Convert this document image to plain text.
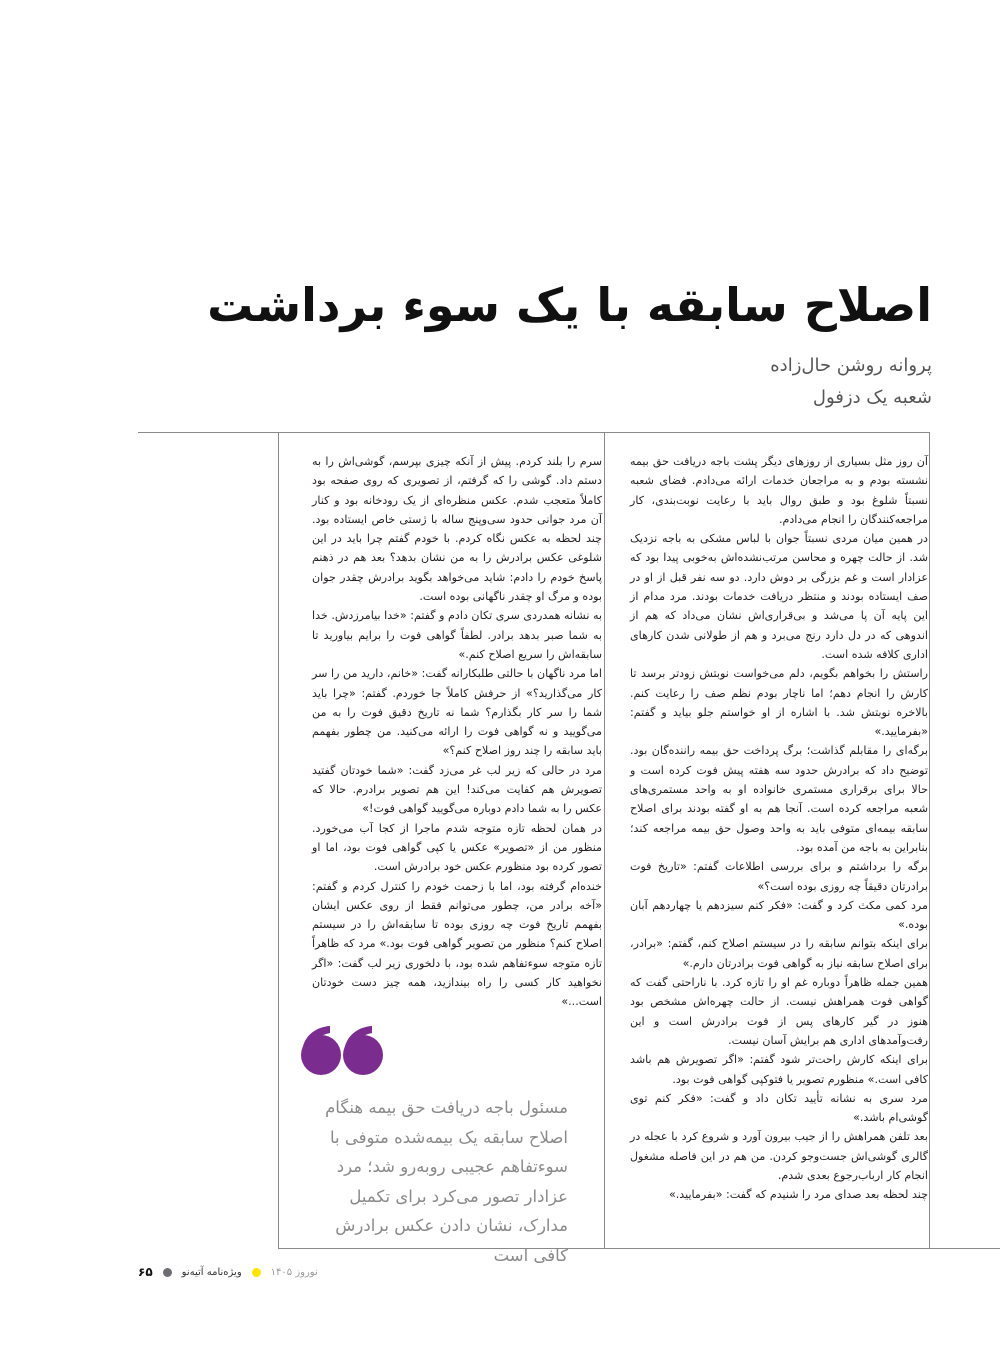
اصلاح سابقه با یک سوء برداشت
پروانه روشن حال‌زاده
شعبه یک دزفول

آن روز مثل بسیاری از روزهای دیگر پشت باجه دریافت حق بیمه نشسته بودم و به مراجعان خدمات ارائه می‌دادم. فضای شعبه نسبتاً شلوغ بود و طبق روال باید با رعایت نوبت‌بندی، کار مراجعه‌کنندگان را انجام می‌دادم.

در همین میان مردی نسبتاً جوان با لباس مشکی به باجه نزدیک شد. از حالت چهره و محاسن مرتب‌نشده‌اش به‌خوبی پیدا بود که عزادار است و غم بزرگی بر دوش دارد. دو سه نفر قبل از او در صف ایستاده بودند و منتظر دریافت خدمات بودند. مرد مدام از این پایه آن پا می‌شد و بی‌قراری‌اش نشان می‌داد که هم از اندوهی که در دل دارد رنج می‌برد و هم از طولانی شدن کارهای اداری کلافه شده است.

راستش را بخواهم بگویم، دلم می‌خواست نوبتش زودتر برسد تا کارش را انجام دهم؛ اما ناچار بودم نظم صف را رعایت کنم. بالاخره نوبتش شد. با اشاره از او خواستم جلو بیاید و گفتم: «بفرمایید.»

برگه‌ای را مقابلم گذاشت؛ برگ پرداخت حق بیمه راننده‌گان بود. توضیح داد که برادرش حدود سه هفته پیش فوت کرده است و حالا برای برقراری مستمری خانواده او به واحد مستمری‌های شعبه مراجعه کرده است. آنجا هم به او گفته بودند برای اصلاح سابقه بیمه‌ای متوفی باید به واحد وصول حق بیمه مراجعه کند؛ بنابراین به باجه من آمده بود.

برگه را برداشتم و برای بررسی اطلاعات گفتم: «تاریخ فوت برادرتان دقیقاً چه روزی بوده است؟»

مرد کمی مکث کرد و گفت: «فکر کنم سیزدهم یا چهاردهم آبان بوده.»

برای اینکه بتوانم سابقه را در سیستم اصلاح کنم، گفتم: «برادر، برای اصلاح سابقه نیاز به گواهی فوت برادرتان دارم.»

همین جمله ظاهراً دوباره غم او را تازه کرد. با ناراحتی گفت که گواهی فوت همراهش نیست. از حالت چهره‌اش مشخص بود هنوز در گیر کارهای پس از فوت برادرش است و این رفت‌وآمدهای اداری هم برایش آسان نیست.

برای اینکه کارش راحت‌تر شود گفتم: «اگر تصویرش هم باشد کافی است.» منظورم تصویر یا فتوکپی گواهی فوت بود.

مرد سری به نشانه تأیید تکان داد و گفت: «فکر کنم توی گوشی‌ام باشد.»

بعد تلفن همراهش را از جیب بیرون آورد و شروع کرد با عجله در گالری گوشی‌اش جست‌وجو کردن. من هم در این فاصله مشغول انجام کار ارباب‌رجوع بعدی شدم.

چند لحظه بعد صدای مرد را شنیدم که گفت: «بفرمایید.»

سرم را بلند کردم. پیش از آنکه چیزی بپرسم، گوشی‌اش را به دستم داد. گوشی را که گرفتم، از تصویری که روی صفحه بود کاملاً متعجب شدم. عکس منظره‌ای از یک رودخانه بود و کنار آن مرد جوانی حدود سی‌وپنج ساله با ژستی خاص ایستاده بود. چند لحظه به عکس نگاه کردم. با خودم گفتم چرا باید در این شلوغی عکس برادرش را به من نشان بدهد؟ بعد هم در ذهنم پاسخ خودم را دادم: شاید می‌خواهد بگوید برادرش چقدر جوان بوده و مرگ او چقدر ناگهانی بوده است.

به نشانه همدردی سری تکان دادم و گفتم: «خدا بیامرزدش. خدا به شما صبر بدهد برادر. لطفاً گواهی فوت را برایم بیاورید تا سابقه‌اش را سریع اصلاح کنم.»

اما مرد ناگهان با حالتی طلبکارانه گفت: «خانم، دارید من را سر کار می‌گذارید؟» از حرفش کاملاً جا خوردم. گفتم: «چرا باید شما را سر کار بگذارم؟ شما نه تاریخ دقیق فوت را به من می‌گویید و نه گواهی فوت را ارائه می‌کنید. من چطور بفهمم باید سابقه را چند روز اصلاح کنم؟»

مرد در حالی که زیر لب غر می‌زد گفت: «شما خودتان گفتید تصویرش هم کفایت می‌کند! این هم تصویر برادرم. حالا که عکس را به شما دادم دوباره می‌گویید گواهی فوت!»

در همان لحظه تازه متوجه شدم ماجرا از کجا آب می‌خورد. منظور من از «تصویر» عکس یا کپی گواهی فوت بود، اما او تصور کرده بود منظورم عکس خود برادرش است.

خنده‌ام گرفته بود، اما با زحمت خودم را کنترل کردم و گفتم: «آخه برادر من، چطور می‌توانم فقط از روی عکس ایشان بفهمم تاریخ فوت چه روزی بوده تا سابقه‌اش را در سیستم اصلاح کنم؟ منظور من تصویر گواهی فوت بود.» مرد که ظاهراً تازه متوجه سوءتفاهم شده بود، با دلخوری زیر لب گفت: «اگر نخواهید کار کسی را راه بیندازید، همه چیز دست خودتان است...»

مسئول باجه دریافت حق بیمه هنگام اصلاح سابقه یک بیمه‌شده متوفی با سوءتفاهم عجیبی روبه‌رو شد؛ مرد عزادار تصور می‌کرد برای تکمیل مدارک، نشان دادن عکس برادرش کافی است
۶۵	ویژه‌نامه آتیه‌نو	نوروز ۱۴۰۵
